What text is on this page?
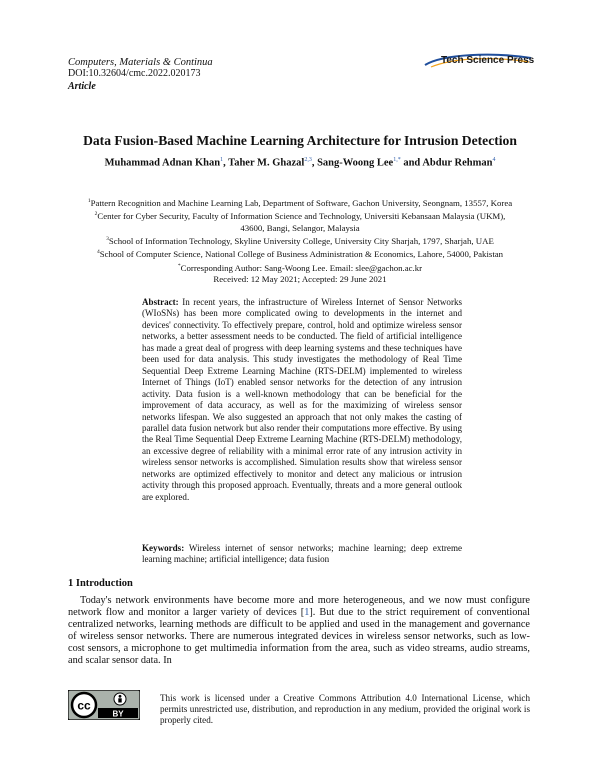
Computers, Materials & Continua
DOI:10.32604/cmc.2022.020173
Article
Tech Science Press
Data Fusion-Based Machine Learning Architecture for Intrusion Detection
Muhammad Adnan Khan$^1$, Taher M. Ghazal$^{2,3}$, Sang-Woong Lee$^{1,*}$ and Abdur Rehman$^4$
$^1$Pattern Recognition and Machine Learning Lab, Department of Software, Gachon University, Seongnam, 13557, Korea
$^2$Center for Cyber Security, Faculty of Information Science and Technology, Universiti Kebansaan Malaysia (UKM),
43600, Bangi, Selangor, Malaysia
$^3$School of Information Technology, Skyline University College, University City Sharjah, 1797, Sharjah, UAE
$^4$School of Computer Science, National College of Business Administration & Economics, Lahore, 54000, Pakistan
*Corresponding Author: Sang-Woong Lee. Email: slee@gachon.ac.kr
Received: 12 May 2021; Accepted: 29 June 2021
Abstract: In recent years, the infrastructure of Wireless Internet of Sensor Networks (WIoSNs) has been more complicated owing to developments in the internet and devices' connectivity. To effectively prepare, control, hold and optimize wireless sensor networks, a better assessment needs to be conducted. The field of artificial intelligence has made a great deal of progress with deep learning systems and these techniques have been used for data analysis. This study investigates the methodology of Real Time Sequential Deep Extreme Learning Machine (RTS-DELM) implemented to wireless Internet of Things (IoT) enabled sensor networks for the detection of any intrusion activity. Data fusion is a well-known methodology that can be beneficial for the improvement of data accuracy, as well as for the maximizing of wireless sensor networks lifespan. We also suggested an approach that not only makes the casting of parallel data fusion network but also render their computations more effective. By using the Real Time Sequential Deep Extreme Learning Machine (RTS-DELM) methodology, an excessive degree of reliability with a minimal error rate of any intrusion activity in wireless sensor networks is accomplished. Simulation results show that wireless sensor networks are optimized effectively to monitor and detect any malicious or intrusion activity through this proposed approach. Eventually, threats and a more general outlook are explored.
Keywords: Wireless internet of sensor networks; machine learning; deep extreme learning machine; artificial intelligence; data fusion
1 Introduction
Today's network environments have become more and more heterogeneous, and we now must configure network flow and monitor a larger variety of devices [1]. But due to the strict requirement of conventional centralized networks, learning methods are difficult to be applied and used in the management and governance of wireless sensor networks. There are numerous integrated devices in wireless sensor networks, such as low-cost sensors, a microphone to get multimedia information from the area, such as video streams, audio streams, and scalar sensor data. In
cc
BY
This work is licensed under a Creative Commons Attribution 4.0 International License, which permits unrestricted use, distribution, and reproduction in any medium, provided the original work is properly cited.
